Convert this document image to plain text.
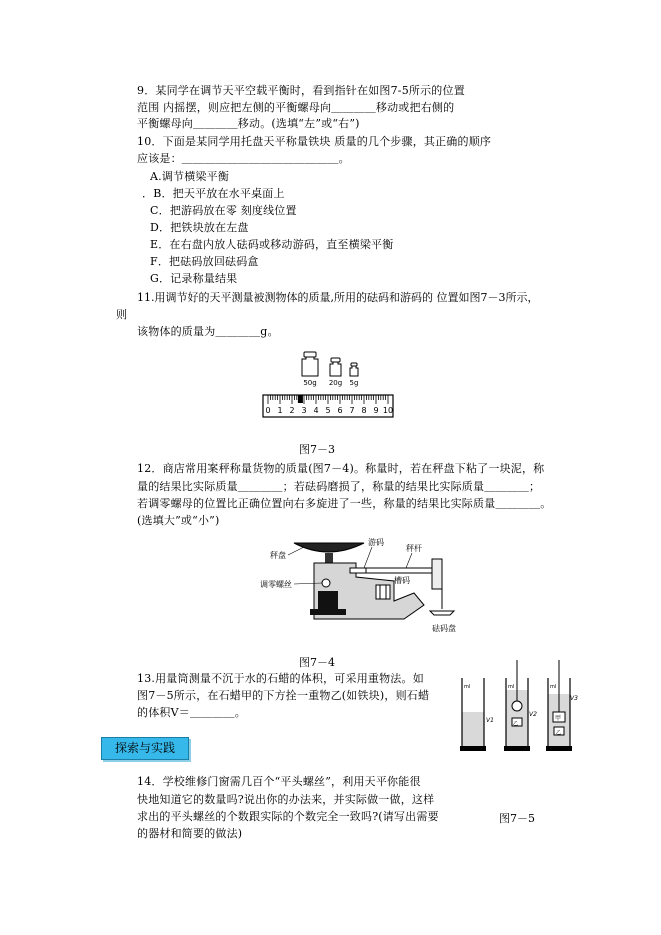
9．某同学在调节天平空载平衡时，看到指针在如图7-5所示的位置
范围 内摇摆，则应把左侧的平衡螺母向＿＿＿＿移动或把右侧的
平衡螺母向＿＿＿＿移动。(选填“左”或“右”)
10．下面是某同学用托盘天平称量铁块 质量的几个步骤，其正确的顺序
应该是：＿＿＿＿＿＿＿＿＿＿＿＿＿＿。
A.调节横梁平衡
．B．把天平放在水平桌面上
C．把游码放在零 刻度线位置
D．把铁块放在左盘
E．在右盘内放人砝码或移动游码，直至横梁平衡
F．把砝码放回砝码盒
G．记录称量结果
11.用调节好的天平测量被测物体的质量,所用的砝码和游码的 位置如图7－3所示，
则
该物体的质量为＿＿＿＿g。
50g 20g 5g
0 1 2 3 4 5 6 7 8 9 10
图7－3
12．商店常用案秤称量货物的质量(图7－4)。称量时，若在秤盘下粘了一块泥，称
量的结果比实际质量＿＿＿＿；若砝码磨损了，称量的结果比实际质量＿＿＿＿；
若调零螺母的位置比正确位置向右多旋进了一些，称量的结果比实际质量＿＿＿＿。
(选填大”或“小”)
秤盘
游码
秤杆
调零螺丝	槽码
砝码盘
图7－4
13.用量筒测量不沉于水的石蜡的体积，可采用重物法。如
图7－5所示，在石蜡甲的下方拴一重物乙(如铁块)，则石蜡
的体积V＝＿＿＿＿。
ml
V1
ml
V2
乙
ml
V3
甲
乙
探索与实践
14．学校维修门窗需几百个“平头螺丝”，利用天平你能很
快地知道它的数量吗?说出你的办法来，并实际做一做，这样
求出的平头螺丝的个数跟实际的个数完全一致吗?(请写出需要
的器材和简要的做法)
图7－5
